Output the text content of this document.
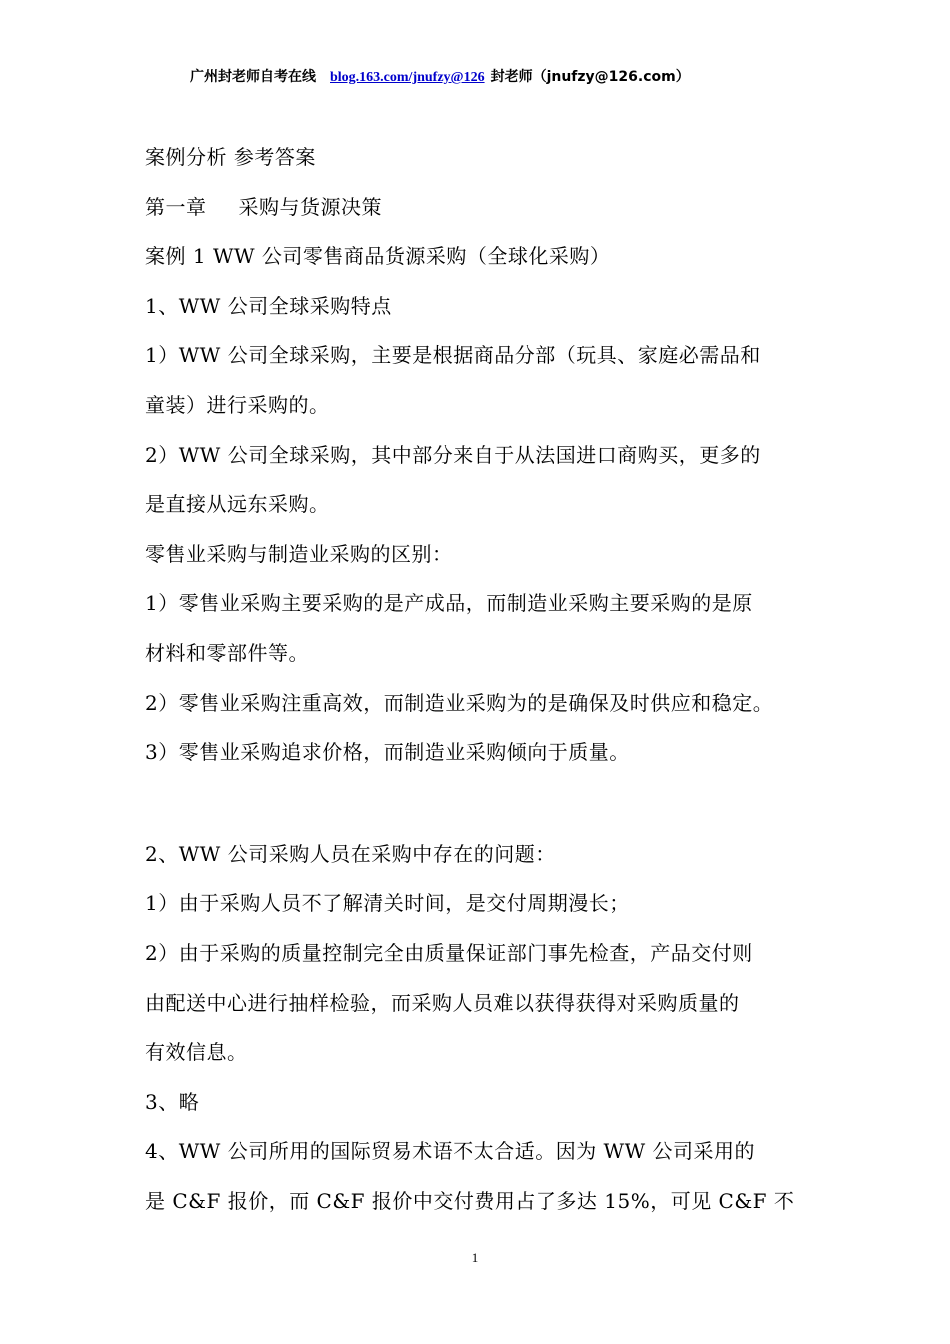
广州封老师自考在线 blog.163.com/jnufzy@126 封老师（jnufzy@126.com）
案例分析 参考答案
第一章 采购与货源决策
案例 1 WW 公司零售商品货源采购（全球化采购）
1、WW 公司全球采购特点
1）WW 公司全球采购，主要是根据商品分部（玩具、家庭必需品和
童装）进行采购的。
2）WW 公司全球采购，其中部分来自于从法国进口商购买，更多的
是直接从远东采购。
零售业采购与制造业采购的区别：
1）零售业采购主要采购的是产成品，而制造业采购主要采购的是原
材料和零部件等。
2）零售业采购注重高效，而制造业采购为的是确保及时供应和稳定。
3）零售业采购追求价格，而制造业采购倾向于质量。
2、WW 公司采购人员在采购中存在的问题：
1）由于采购人员不了解清关时间，是交付周期漫长；
2）由于采购的质量控制完全由质量保证部门事先检查，产品交付则
由配送中心进行抽样检验，而采购人员难以获得获得对采购质量的
有效信息。
3、略
4、WW 公司所用的国际贸易术语不太合适。因为 WW 公司采用的
是 C&F 报价，而 C&F 报价中交付费用占了多达 15%，可见 C&F 不
1
